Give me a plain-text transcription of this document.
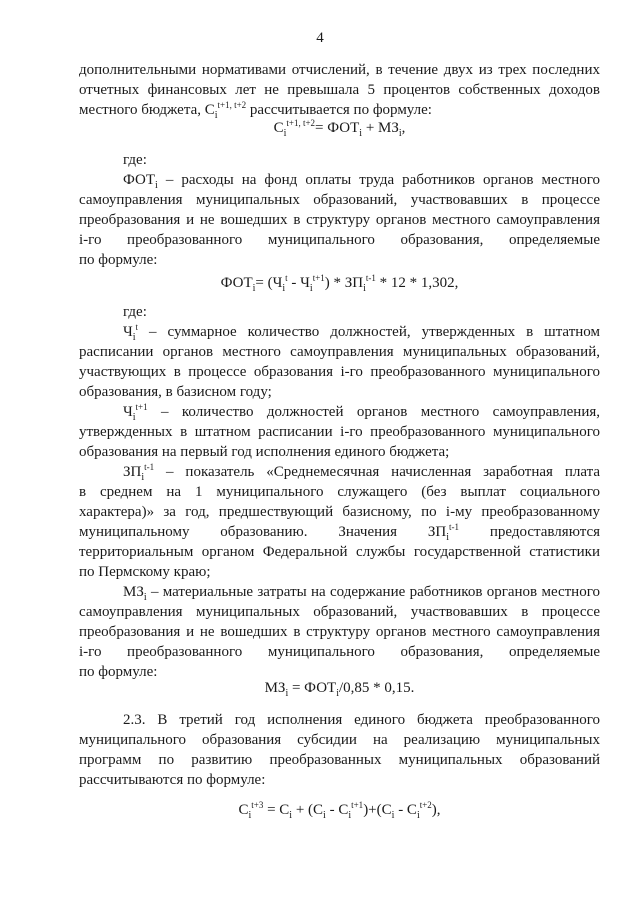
4
дополнительными нормативами отчислений, в течение двух из трех последних
отчетных финансовых лет не превышала 5 процентов собственных доходов
местного бюджета, $С_i^{t+1, t+2}$ рассчитывается по формуле:
$С_i^{t+1, t+2}= ФОТ_i + МЗ_i$,
где:
$ФОТ_i$ – расходы на фонд оплаты труда работников органов местного
самоуправления муниципальных образований, участвовавших в процессе
преобразования и не вошедших в структуру органов местного самоуправления
i-го преобразованного муниципального образования, определяемые
по формуле:
$ФОТ_i= (Ч_i^t - Ч_i^{t+1}) * ЗП_i^{t-1} * 12 * 1,302$,
где:
$Ч_i^t$ – суммарное количество должностей, утвержденных в штатном
расписании органов местного самоуправления муниципальных образований,
участвующих в процессе образования i-го преобразованного муниципального
образования, в базисном году;
$Ч_i^{t+1}$ – количество должностей органов местного самоуправления,
утвержденных в штатном расписании i-го преобразованного муниципального
образования на первый год исполнения единого бюджета;
$ЗП_i^{t-1}$ – показатель «Среднемесячная начисленная заработная плата
в среднем на 1 муниципального служащего (без выплат социального
характера)» за год, предшествующий базисному, по i-му преобразованному
муниципальному образованию. Значения $ЗП_i^{t-1}$ предоставляются
территориальным органом Федеральной службы государственной статистики
по Пермскому краю;
$МЗ_i$ – материальные затраты на содержание работников органов местного
самоуправления муниципальных образований, участвовавших в процессе
преобразования и не вошедших в структуру органов местного самоуправления
i-го преобразованного муниципального образования, определяемые
по формуле:
$МЗ_i = ФОТ_i/0,85 * 0,15$.
2.3. В третий год исполнения единого бюджета преобразованного
муниципального образования субсидии на реализацию муниципальных
программ по развитию преобразованных муниципальных образований
рассчитываются по формуле:
$С_i^{t+3} = С_i + (С_i - С_i^{t+1})+(С_i - С_i^{t+2})$,
